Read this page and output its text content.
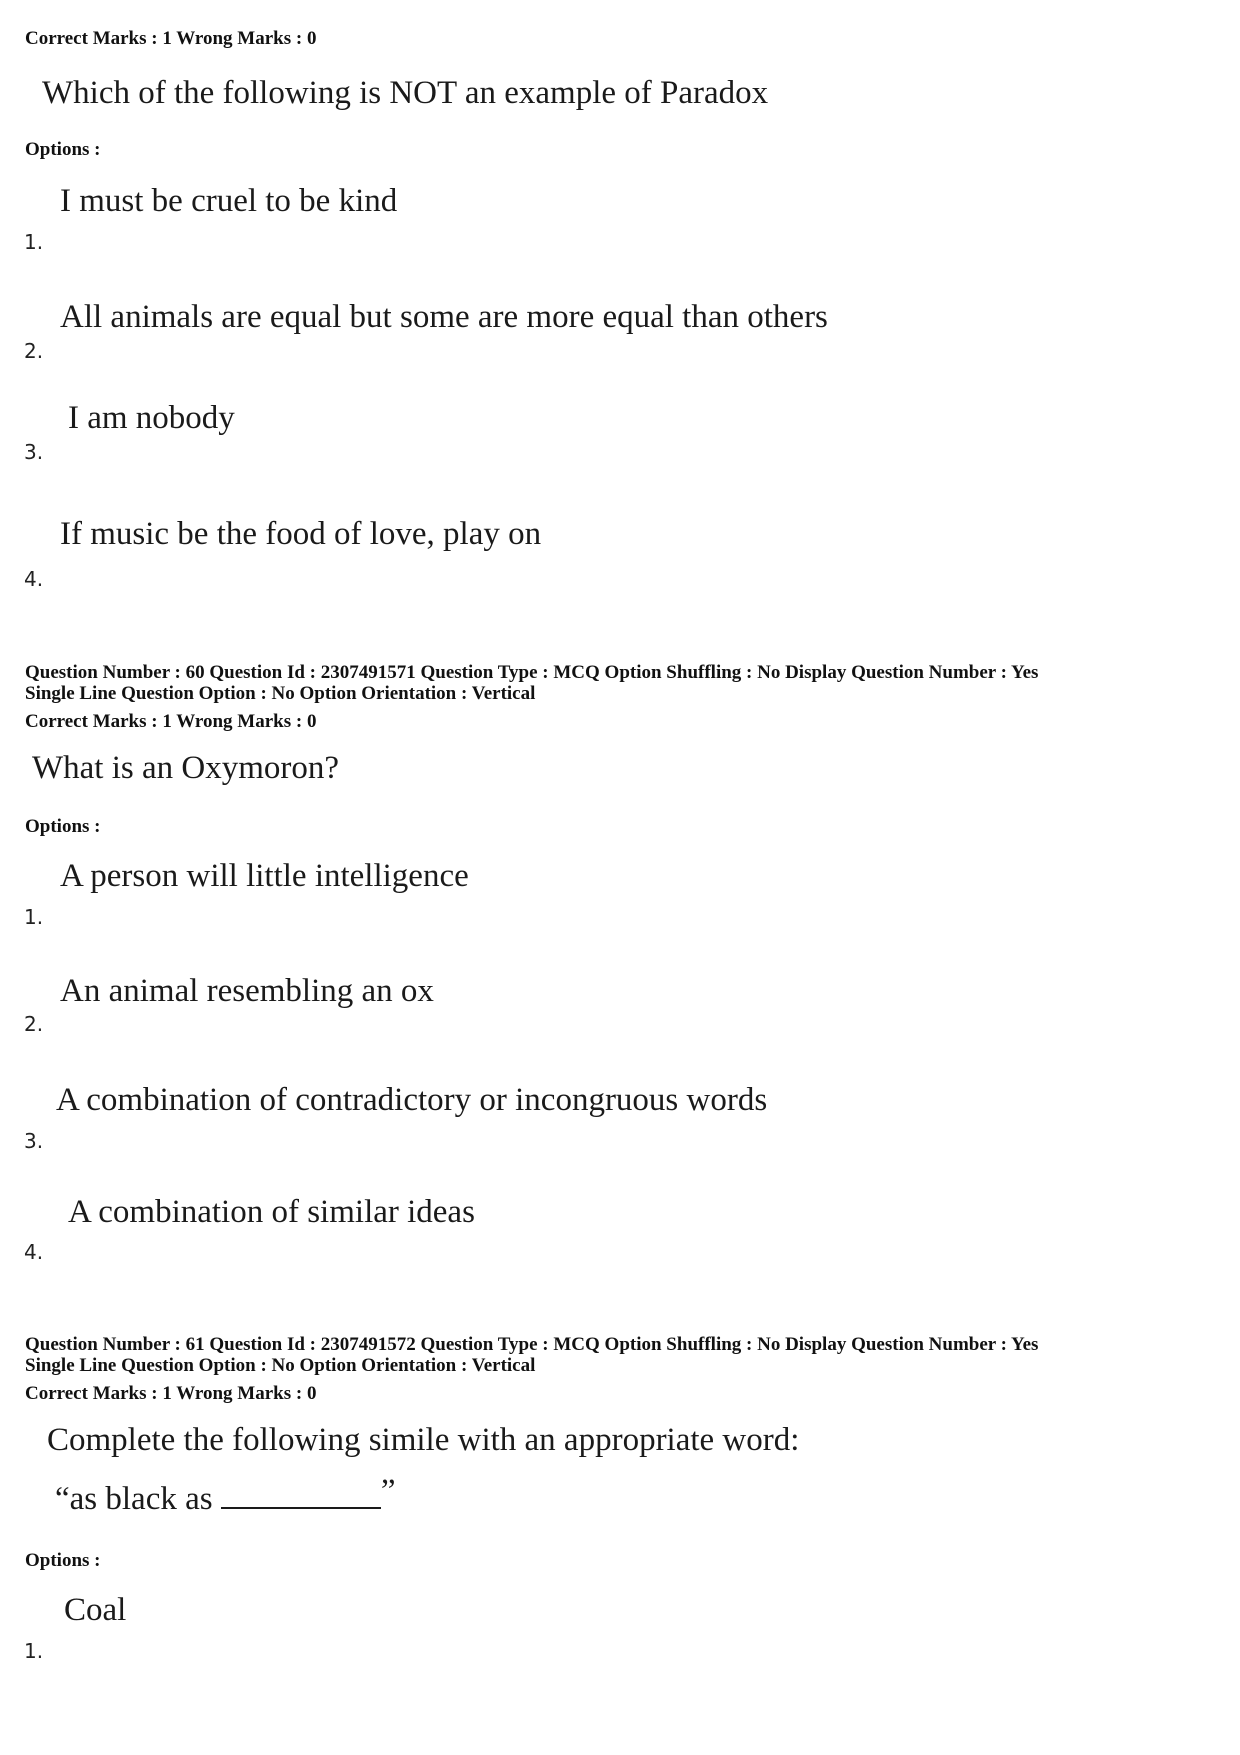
Correct Marks : 1 Wrong Marks : 0

Which of the following is NOT an example of Paradox

Options :

I must be cruel to be kind
1.
All animals are equal but some are more equal than others
2.
I am nobody
3.
If music be the food of love, play on
4.

Question Number : 60 Question Id : 2307491571 Question Type : MCQ Option Shuffling : No Display Question Number : Yes

Single Line Question Option : No Option Orientation : Vertical

Correct Marks : 1 Wrong Marks : 0

What is an Oxymoron?

Options :

A person will little intelligence
1.
An animal resembling an ox
2.
A combination of contradictory or incongruous words
3.
A combination of similar ideas
4.

Question Number : 61 Question Id : 2307491572 Question Type : MCQ Option Shuffling : No Display Question Number : Yes

Single Line Question Option : No Option Orientation : Vertical

Correct Marks : 1 Wrong Marks : 0

Complete the following simile with an appropriate word:

“as black as	”

Options :

Coal
1.
